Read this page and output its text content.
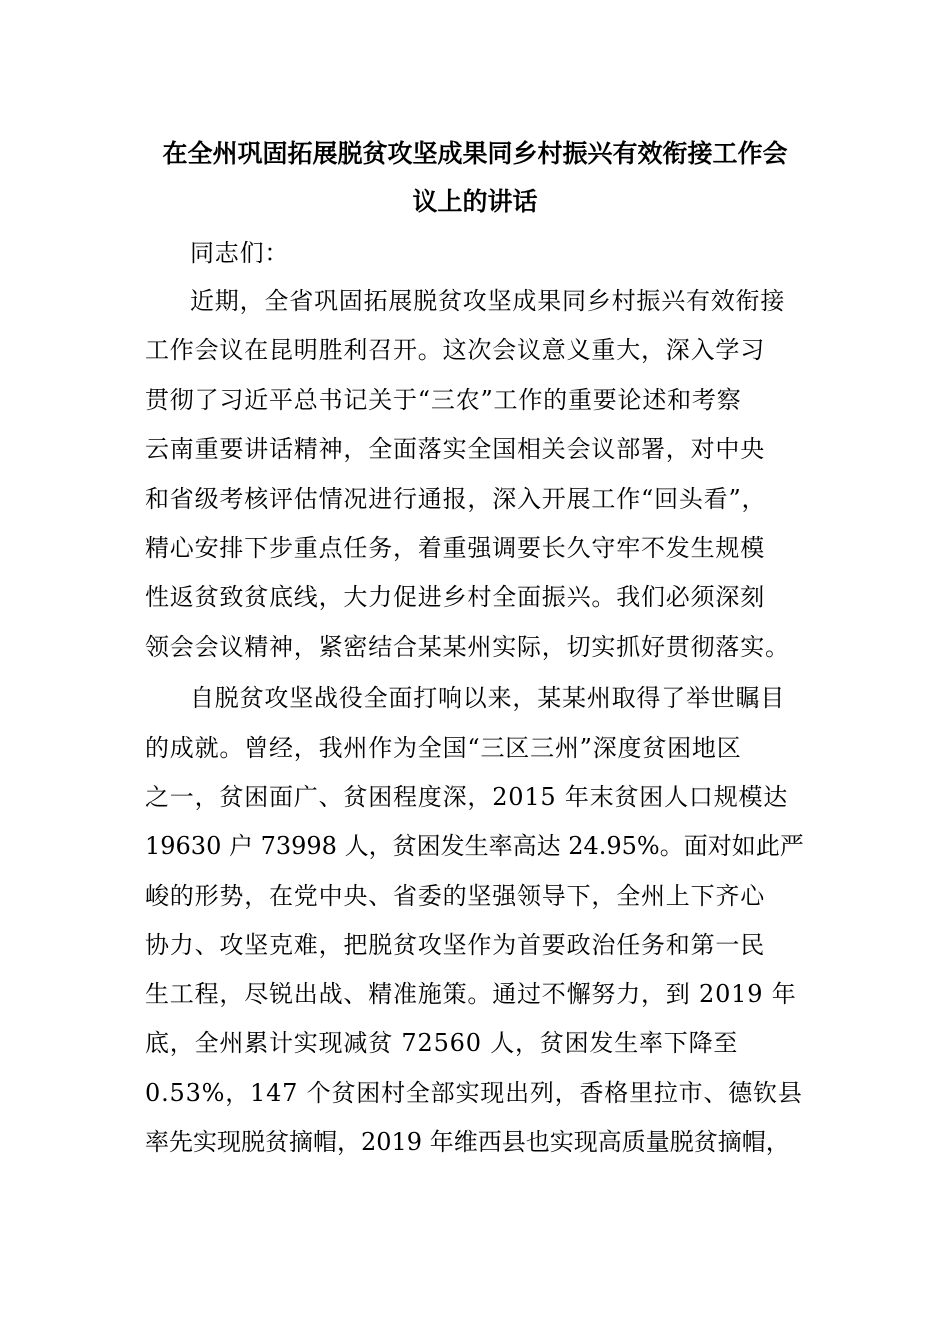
在全州巩固拓展脱贫攻坚成果同乡村振兴有效衔接工作会
议上的讲话
同志们：
近期，全省巩固拓展脱贫攻坚成果同乡村振兴有效衔接
工作会议在昆明胜利召开。这次会议意义重大，深入学习
贯彻了习近平总书记关于“三农”工作的重要论述和考察
云南重要讲话精神，全面落实全国相关会议部署，对中央
和省级考核评估情况进行通报，深入开展工作“回头看”，
精心安排下步重点任务，着重强调要长久守牢不发生规模
性返贫致贫底线，大力促进乡村全面振兴。我们必须深刻
领会会议精神，紧密结合某某州实际，切实抓好贯彻落实。
自脱贫攻坚战役全面打响以来，某某州取得了举世瞩目
的成就。曾经，我州作为全国“三区三州”深度贫困地区
之一，贫困面广、贫困程度深，2015 年末贫困人口规模达
19630 户 73998 人，贫困发生率高达 24.95%。面对如此严
峻的形势，在党中央、省委的坚强领导下，全州上下齐心
协力、攻坚克难，把脱贫攻坚作为首要政治任务和第一民
生工程，尽锐出战、精准施策。通过不懈努力，到 2019 年
底，全州累计实现减贫 72560 人，贫困发生率下降至
0.53%，147 个贫困村全部实现出列，香格里拉市、德钦县
率先实现脱贫摘帽，2019 年维西县也实现高质量脱贫摘帽，
